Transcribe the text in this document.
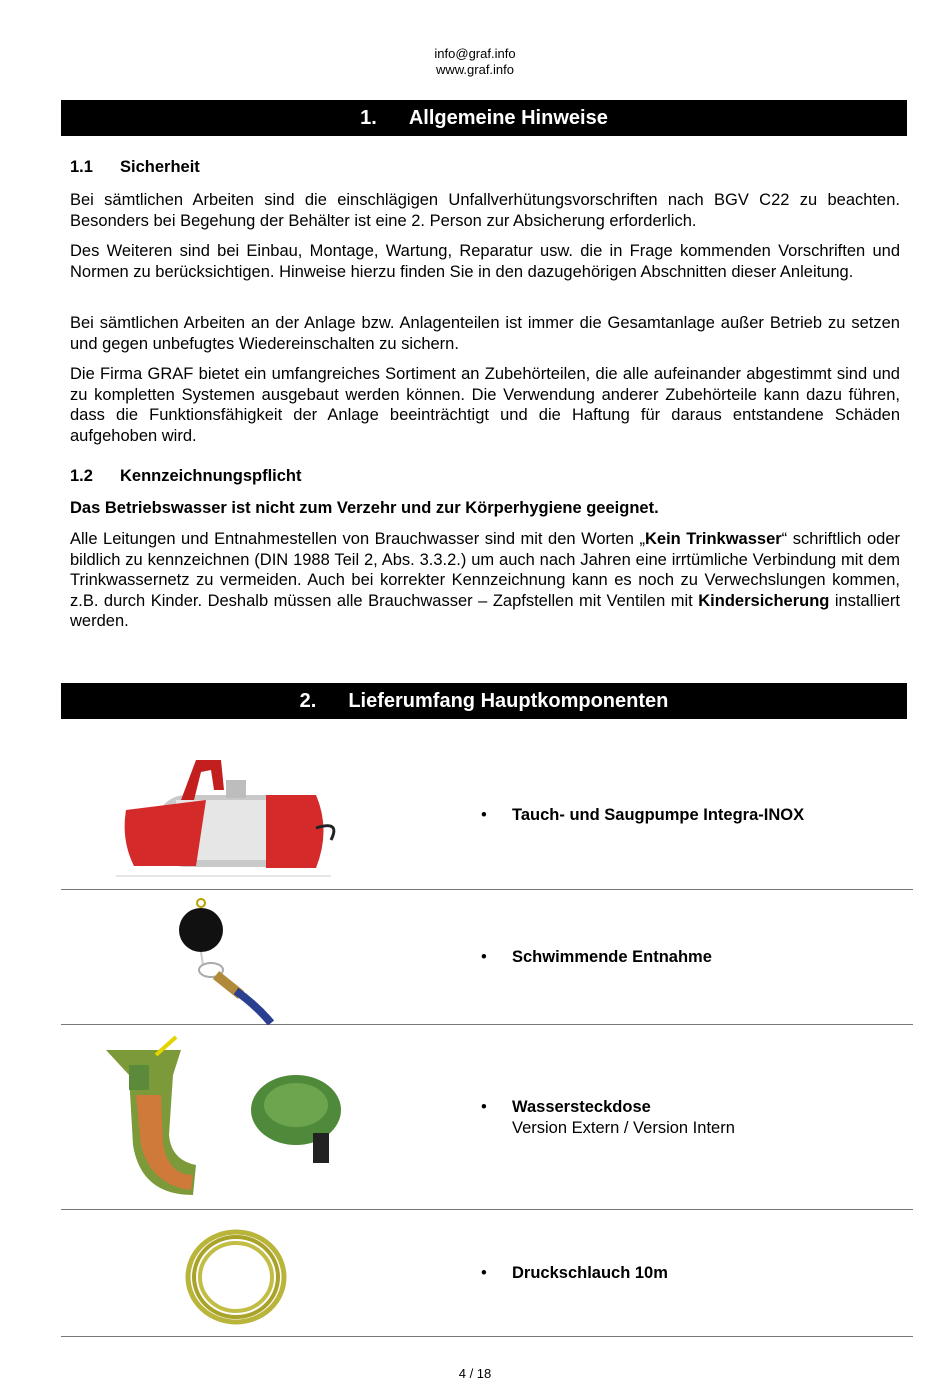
info@graf.info
www.graf.info
1. Allgemeine Hinweise
1.1 Sicherheit
Bei sämtlichen Arbeiten sind die einschlägigen Unfallverhütungsvorschriften nach BGV C22 zu beachten. Besonders bei Begehung der Behälter ist eine 2. Person zur Absicherung erforderlich.
Des Weiteren sind bei Einbau, Montage, Wartung, Reparatur usw. die in Frage kommenden Vorschriften und Normen zu berücksichtigen. Hinweise hierzu finden Sie in den dazugehörigen Abschnitten dieser Anleitung.
Bei sämtlichen Arbeiten an der Anlage bzw. Anlagenteilen ist immer die Gesamtanlage außer Betrieb zu setzen und gegen unbefugtes Wiedereinschalten zu sichern.
Die Firma GRAF bietet ein umfangreiches Sortiment an Zubehörteilen, die alle aufeinander abgestimmt sind und zu kompletten Systemen ausgebaut werden können. Die Verwendung anderer Zubehörteile kann dazu führen, dass die Funktionsfähigkeit der Anlage beeinträchtigt und die Haftung für daraus entstandene Schäden aufgehoben wird.
1.2 Kennzeichnungspflicht
Das Betriebswasser ist nicht zum Verzehr und zur Körperhygiene geeignet.
Alle Leitungen und Entnahmestellen von Brauchwasser sind mit den Worten „Kein Trinkwasser“ schriftlich oder bildlich zu kennzeichnen (DIN 1988 Teil 2, Abs. 3.3.2.) um auch nach Jahren eine irrtümliche Verbindung mit dem Trinkwassernetz zu vermeiden. Auch bei korrekter Kennzeichnung kann es noch zu Verwechslungen kommen, z.B. durch Kinder. Deshalb müssen alle Brauchwasser – Zapfstellen mit Ventilen mit Kindersicherung installiert werden.
2. Lieferumfang Hauptkomponenten
• Tauch- und Saugpumpe Integra-INOX
• Schwimmende Entnahme
• Wassersteckdose
Version Extern / Version Intern
• Druckschlauch 10m
4 / 18
